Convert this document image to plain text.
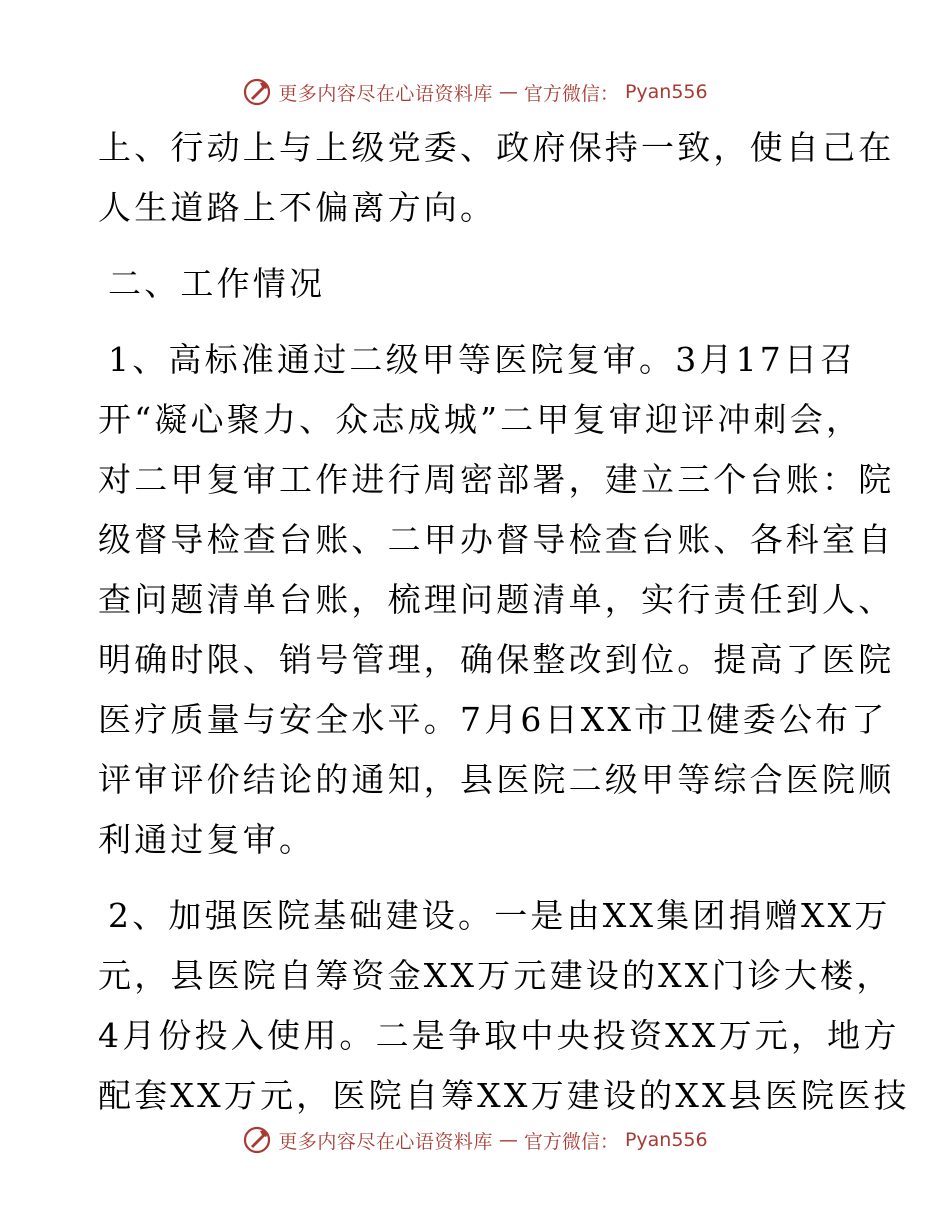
更多内容尽在心语资料库 — 官方微信： Pyan556
上、行动上与上级党委、政府保持一致，使自己在
人生道路上不偏离方向。
二、工作情况
1、高标准通过二级甲等医院复审。3月17日召
开“凝心聚力、众志成城”二甲复审迎评冲刺会，
对二甲复审工作进行周密部署，建立三个台账：院
级督导检查台账、二甲办督导检查台账、各科室自
查问题清单台账，梳理问题清单，实行责任到人、
明确时限、销号管理，确保整改到位。提高了医院
医疗质量与安全水平。7月6日XX市卫健委公布了
评审评价结论的通知，县医院二级甲等综合医院顺
利通过复审。
2、加强医院基础建设。一是由XX集团捐赠XX万
元，县医院自筹资金XX万元建设的XX门诊大楼，
4月份投入使用。二是争取中央投资XX万元，地方
配套XX万元，医院自筹XX万建设的XX县医院医技
更多内容尽在心语资料库 — 官方微信： Pyan556
